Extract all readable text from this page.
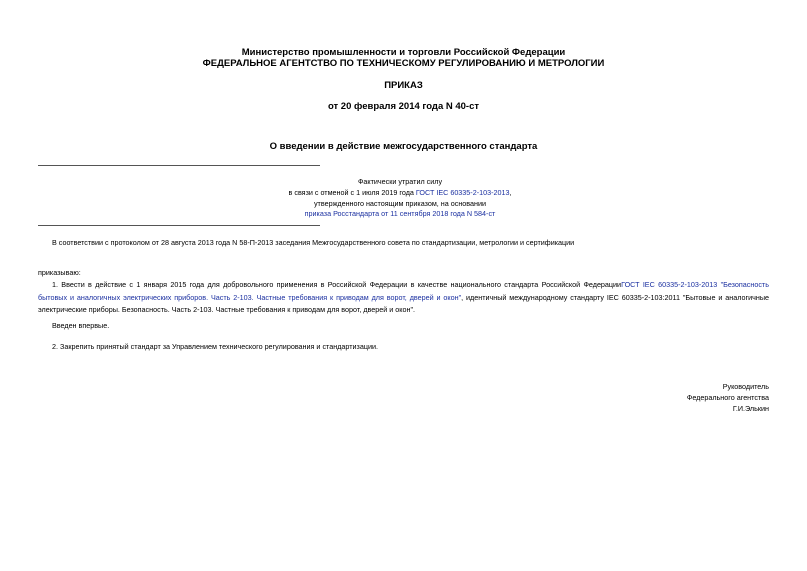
Министерство промышленности и торговли Российской Федерации
ФЕДЕРАЛЬНОЕ АГЕНТСТВО ПО ТЕХНИЧЕСКОМУ РЕГУЛИРОВАНИЮ И МЕТРОЛОГИИ
ПРИКАЗ
от 20 февраля 2014 года N 40-ст
О введении в действие межгосударственного стандарта
Фактически утратил силу
в связи с отменой с 1 июля 2019 года ГОСТ IEC 60335-2-103-2013,
утвержденного настоящим приказом, на основании
приказа Росстандарта от 11 сентября 2018 года N 584-ст
В соответствии с протоколом от 28 августа 2013 года N 58-П-2013 заседания Межгосударственного совета по стандартизации, метрологии и сертификации
приказываю:
1. Ввести в действие с 1 января 2015 года для добровольного применения в Российской Федерации в качестве национального стандарта Российской ФедерацииГОСТ IEC 60335-2-103-2013 "Безопасность бытовых и аналогичных электрических приборов. Часть 2-103. Частные требования к приводам для ворот, дверей и окон", идентичный международному стандарту IEC 60335-2-103:2011 "Бытовые и аналогичные электрические приборы. Безопасность. Часть 2-103. Частные требования к приводам для ворот, дверей и окон".
Введен впервые.
2. Закрепить принятый стандарт за Управлением технического регулирования и стандартизации.
Руководитель
Федерального агентства
Г.И.Элькин
